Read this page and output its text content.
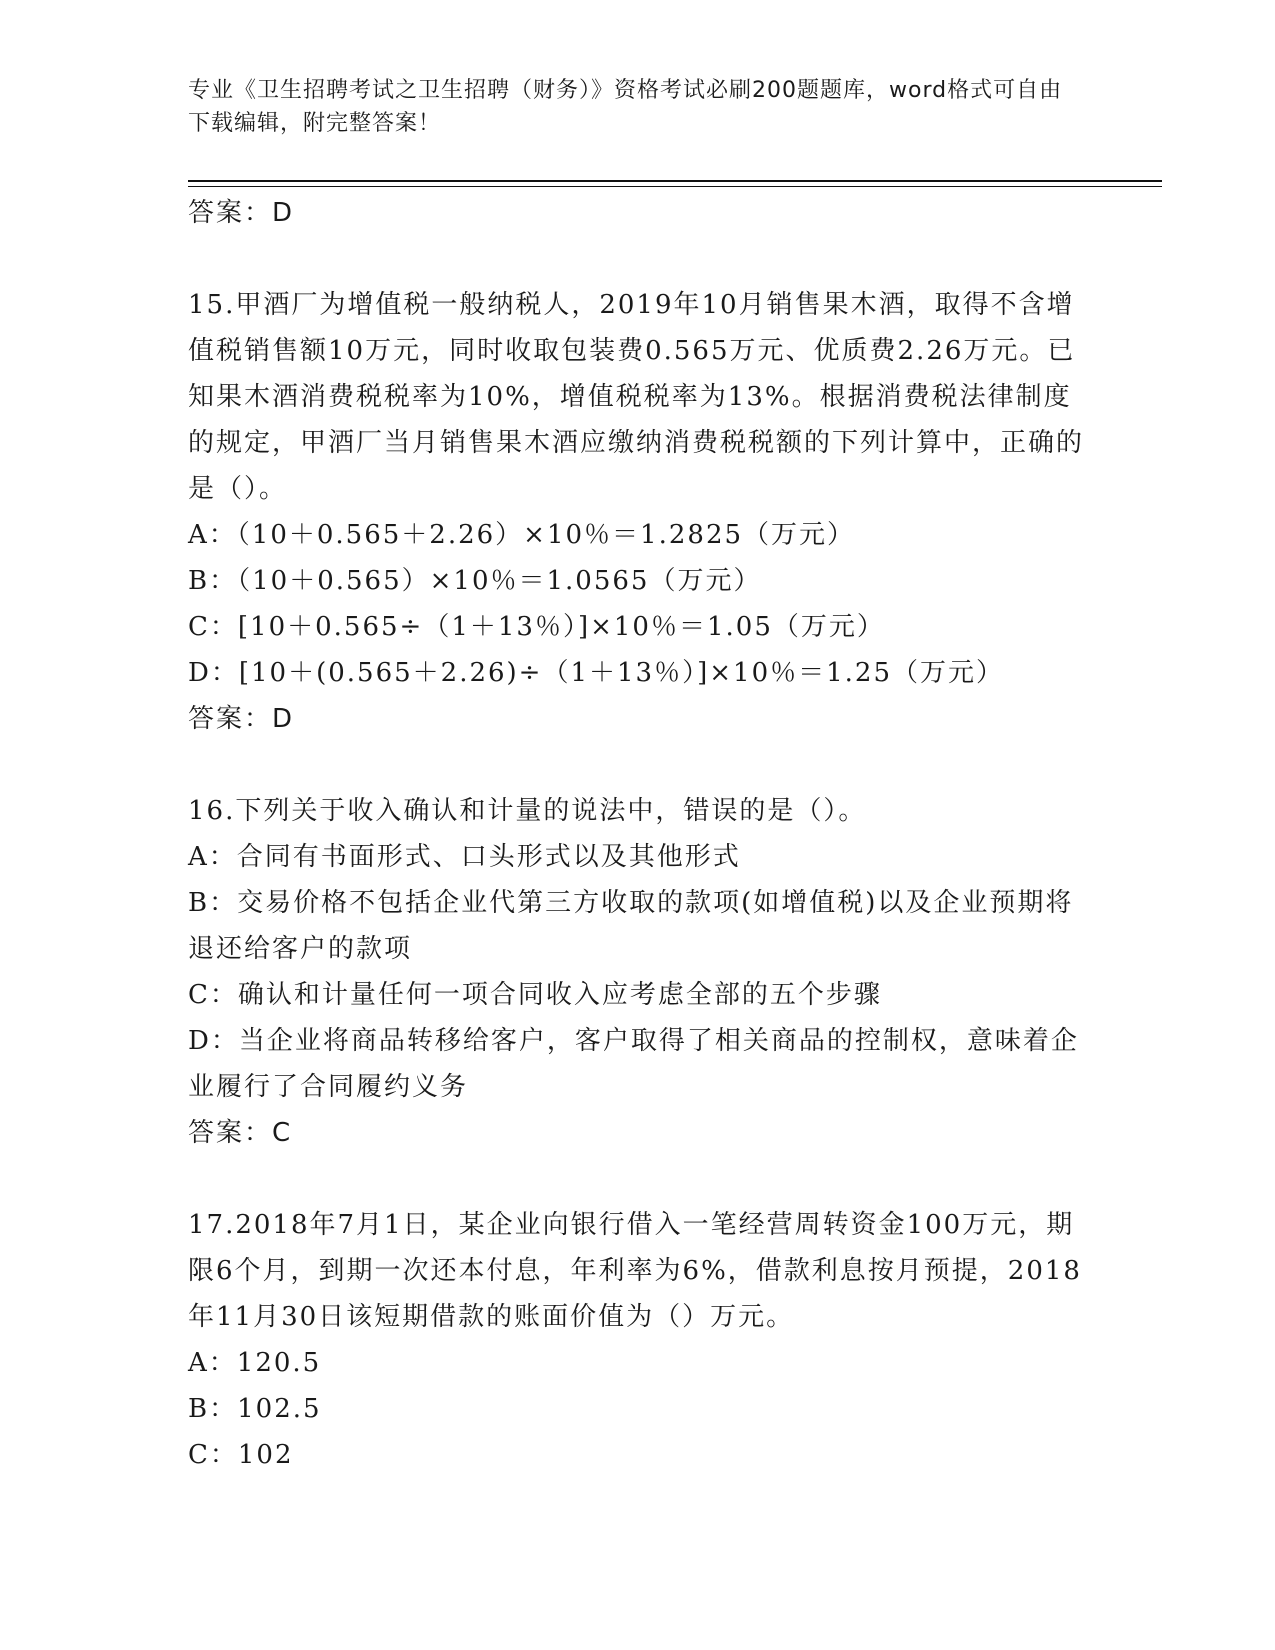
专业《卫生招聘考试之卫生招聘（财务）》资格考试必刷200题题库，word格式可自由下载编辑，附完整答案！

答案：D

15.甲酒厂为增值税一般纳税人，2019年10月销售果木酒，取得不含增值税销售额10万元，同时收取包装费0.565万元、优质费2.26万元。已知果木酒消费税税率为10%，增值税税率为13%。根据消费税法律制度的规定，甲酒厂当月销售果木酒应缴纳消费税税额的下列计算中，正确的是（）。

A：（10＋0.565＋2.26）×10％＝1.2825（万元）

B：（10＋0.565）×10％＝1.0565（万元）

C：[10＋0.565÷（1＋13％）]×10％＝1.05（万元）

D：[10＋(0.565＋2.26)÷（1＋13％）]×10％＝1.25（万元）

答案：D

16.下列关于收入确认和计量的说法中，错误的是（）。

A：合同有书面形式、口头形式以及其他形式

B：交易价格不包括企业代第三方收取的款项(如增值税)以及企业预期将退还给客户的款项

C：确认和计量任何一项合同收入应考虑全部的五个步骤

D：当企业将商品转移给客户，客户取得了相关商品的控制权，意味着企业履行了合同履约义务

答案：C

17.2018年7月1日，某企业向银行借入一笔经营周转资金100万元，期限6个月，到期一次还本付息，年利率为6%，借款利息按月预提，2018年11月30日该短期借款的账面价值为（）万元。

A：120.5

B：102.5

C：102
